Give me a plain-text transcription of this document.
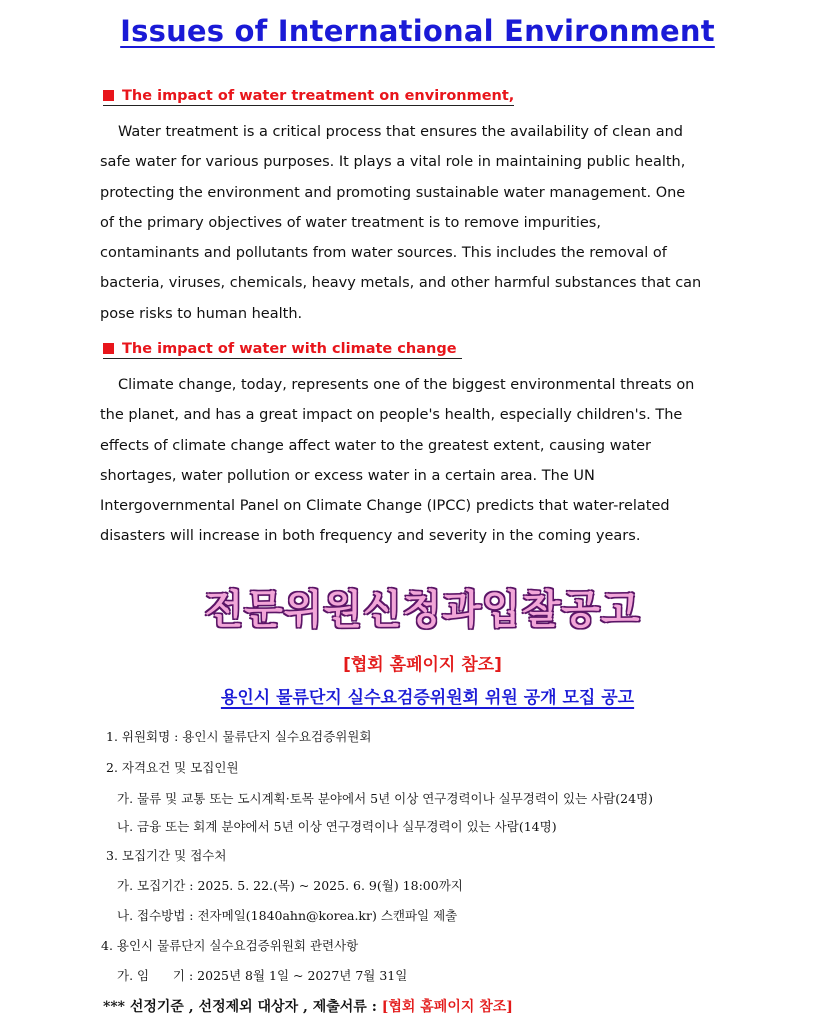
Issues of International Environment
The impact of water treatment on environment,
Water treatment is a critical process that ensures the availability of clean and
safe water for various purposes. It plays a vital role in maintaining public health,
protecting the environment and promoting sustainable water management. One
of the primary objectives of water treatment is to remove impurities,
contaminants and pollutants from water sources. This includes the removal of
bacteria, viruses, chemicals, heavy metals, and other harmful substances that can
pose risks to human health.
The impact of water with climate change
Climate change, today, represents one of the biggest environmental threats on
the planet, and has a great impact on people's health, especially children's. The
effects of climate change affect water to the greatest extent, causing water
shortages, water pollution or excess water in a certain area. The UN
Intergovernmental Panel on Climate Change (IPCC) predicts that water-related
disasters will increase in both frequency and severity in the coming years.
전문위원신청과입찰공고
[협회 홈페이지 참조]
용인시 물류단지 실수요검증위원회 위원 공개 모집 공고
1. 위원회명 : 용인시 물류단지 실수요검증위원회
2. 자격요건 및 모집인원
가. 물류 및 교통 또는 도시계획·토목 분야에서 5년 이상 연구경력이나 실무경력이 있는 사람(24명)
나. 금융 또는 회계 분야에서 5년 이상 연구경력이나 실무경력이 있는 사람(14명)
3. 모집기간 및 접수처
가. 모집기간 : 2025. 5. 22.(목) ~ 2025. 6. 9(월) 18:00까지
나. 접수방법 : 전자메일(1840ahn@korea.kr) 스캔파일 제출
4. 용인시 물류단지 실수요검증위원회 관련사항
가. 임      기 : 2025년 8월 1일 ~ 2027년 7월 31일
*** 선정기준 , 선정제외 대상자 , 제출서류 : [협회 홈페이지 참조]
